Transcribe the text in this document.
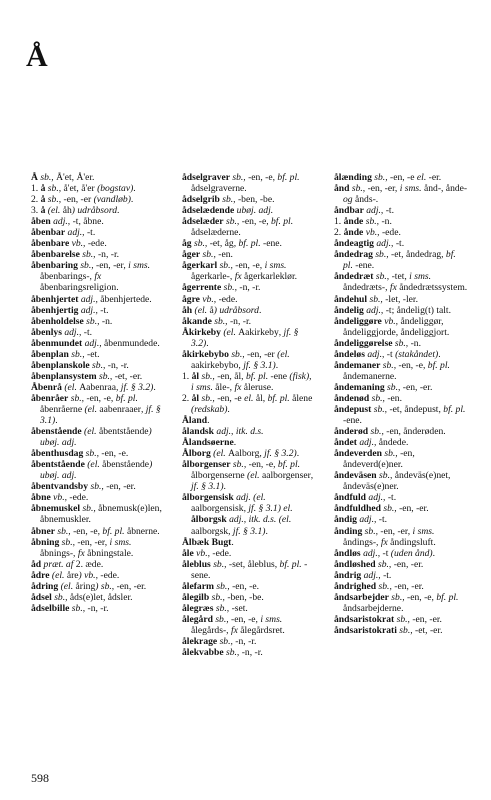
Å

Å sb., Å'et, Å'er.

1. å sb., å'et, å'er (bogstav).

2. å sb., -en, -er (vandløb).

3. å (el. åh) udråbsord.

åben adj., -t, åbne.

åbenbar adj., -t.

åbenbare vb., -ede.

åbenbarelse sb., -n, -r.

åbenbaring sb., -en, -er, i sms. åbenbarings-, fx åbenbaringsreligion.

åbenhjertet adj., åbenhjertede.

åbenhjertig adj., -t.

åbenholdelse sb., -n.

åbenlys adj., -t.

åbenmundet adj., åbenmundede.

åbenplan sb., -et.

åbenplanskole sb., -n, -r.

åbenplansystem sb., -et, -er.

Åbenrå (el. Aabenraa, jf. § 3.2).

åbenråer sb., -en, -e, bf. pl. åbenråerne (el. aabenraaer, jf. § 3.1).

åbenstående (el. åbentstående) ubøj. adj.

åbenthusdag sb., -en, -e.

åbentstående (el. åbenstående) ubøj. adj.

åbentvandsby sb., -en, -er.

åbne vb., -ede.

åbnemuskel sb., åbnemusk(e)len, åbnemuskler.

åbner sb., -en, -e, bf. pl. åbnerne.

åbning sb., -en, -er, i sms. åbnings-, fx åbningstale.

åd præt. af 2. æde.

ådre (el. åre) vb., -ede.

ådring (el. åring) sb., -en, -er.

ådsel sb., åds(e)let, ådsler.

ådselbille sb., -n, -r.

ådselgraver sb., -en, -e, bf. pl. ådselgraverne.

ådselgrib sb., -ben, -be.

ådselædende ubøj. adj.

ådselæder sb., -en, -e, bf. pl. ådselæderne.

åg sb., -et, åg, bf. pl. -ene.

åger sb., -en.

ågerkarl sb., -en, -e, i sms. ågerkarle-, fx ågerkarleklør.

ågerrente sb., -n, -r.

ågre vb., -ede.

åh (el. å) udråbsord.

åkande sb., -n, -r.

Åkirkeby (el. Aakirkeby, jf. § 3.2).

åkirkebybo sb., -en, -er (el. aakirkebybo, jf. § 3.1).

1. ål sb., -en, ål, bf. pl. -ene (fisk), i sms. åle-, fx åleruse.

2. ål sb., -en, -e el. ål, bf. pl. ålene (redskab).

Åland.

ålandsk adj., itk. d.s.

Ålandsøerne.

Ålborg (el. Aalborg, jf. § 3.2).

ålborgenser sb., -en, -e, bf. pl. ålborgenserne (el. aalborgenser, jf. § 3.1).

ålborgensisk adj. (el. aalborgensisk, jf. § 3.1) el. ålborgsk adj., itk. d.s. (el. aalborgsk, jf. § 3.1).

Ålbæk Bugt.

åle vb., -ede.

åleblus sb., -set, åleblus, bf. pl. -sene.

ålefarm sb., -en, -e.

ålegilb sb., -ben, -be.

ålegræs sb., -set.

ålegård sb., -en, -e, i sms. ålegårds-, fx ålegårdsret.

ålekrage sb., -n, -r.

ålekvabbe sb., -n, -r.

ålænding sb., -en, -e el. -er.

ånd sb., -en, -er, i sms. ånd-, ånde- og ånds-.

åndbar adj., -t.

1. ånde sb., -n.

2. ånde vb., -ede.

åndeagtig adj., -t.

åndedrag sb., -et, åndedrag, bf. pl. -ene.

åndedræt sb., -tet, i sms. åndedræts-, fx åndedrætssystem.

åndehul sb., -let, -ler.

åndelig adj., -t; åndelig(t) talt.

åndeliggøre vb., åndeliggør, åndeliggjorde, åndeliggjort.

åndeliggørelse sb., -n.

åndeløs adj., -t (stakåndet).

åndemaner sb., -en, -e, bf. pl. åndemanerne.

åndemaning sb., -en, -er.

åndenød sb., -en.

åndepust sb., -et, åndepust, bf. pl. -ene.

ånderød sb., -en, ånderøden.

åndet adj., åndede.

åndeverden sb., -en, åndeverd(e)ner.

åndeväsen sb., åndeväs(e)net, åndeväs(e)ner.

åndfuld adj., -t.

åndfuldhed sb., -en, -er.

åndig adj., -t.

ånding sb., -en, -er, i sms. åndings-, fx åndingsluft.

åndløs adj., -t (uden ånd).

åndløshed sb., -en, -er.

åndrig adj., -t.

åndrighed sb., -en, -er.

åndsarbejder sb., -en, -e, bf. pl. åndsarbejderne.

åndsaristokrat sb., -en, -er.

åndsaristokrati sb., -et, -er.

598
